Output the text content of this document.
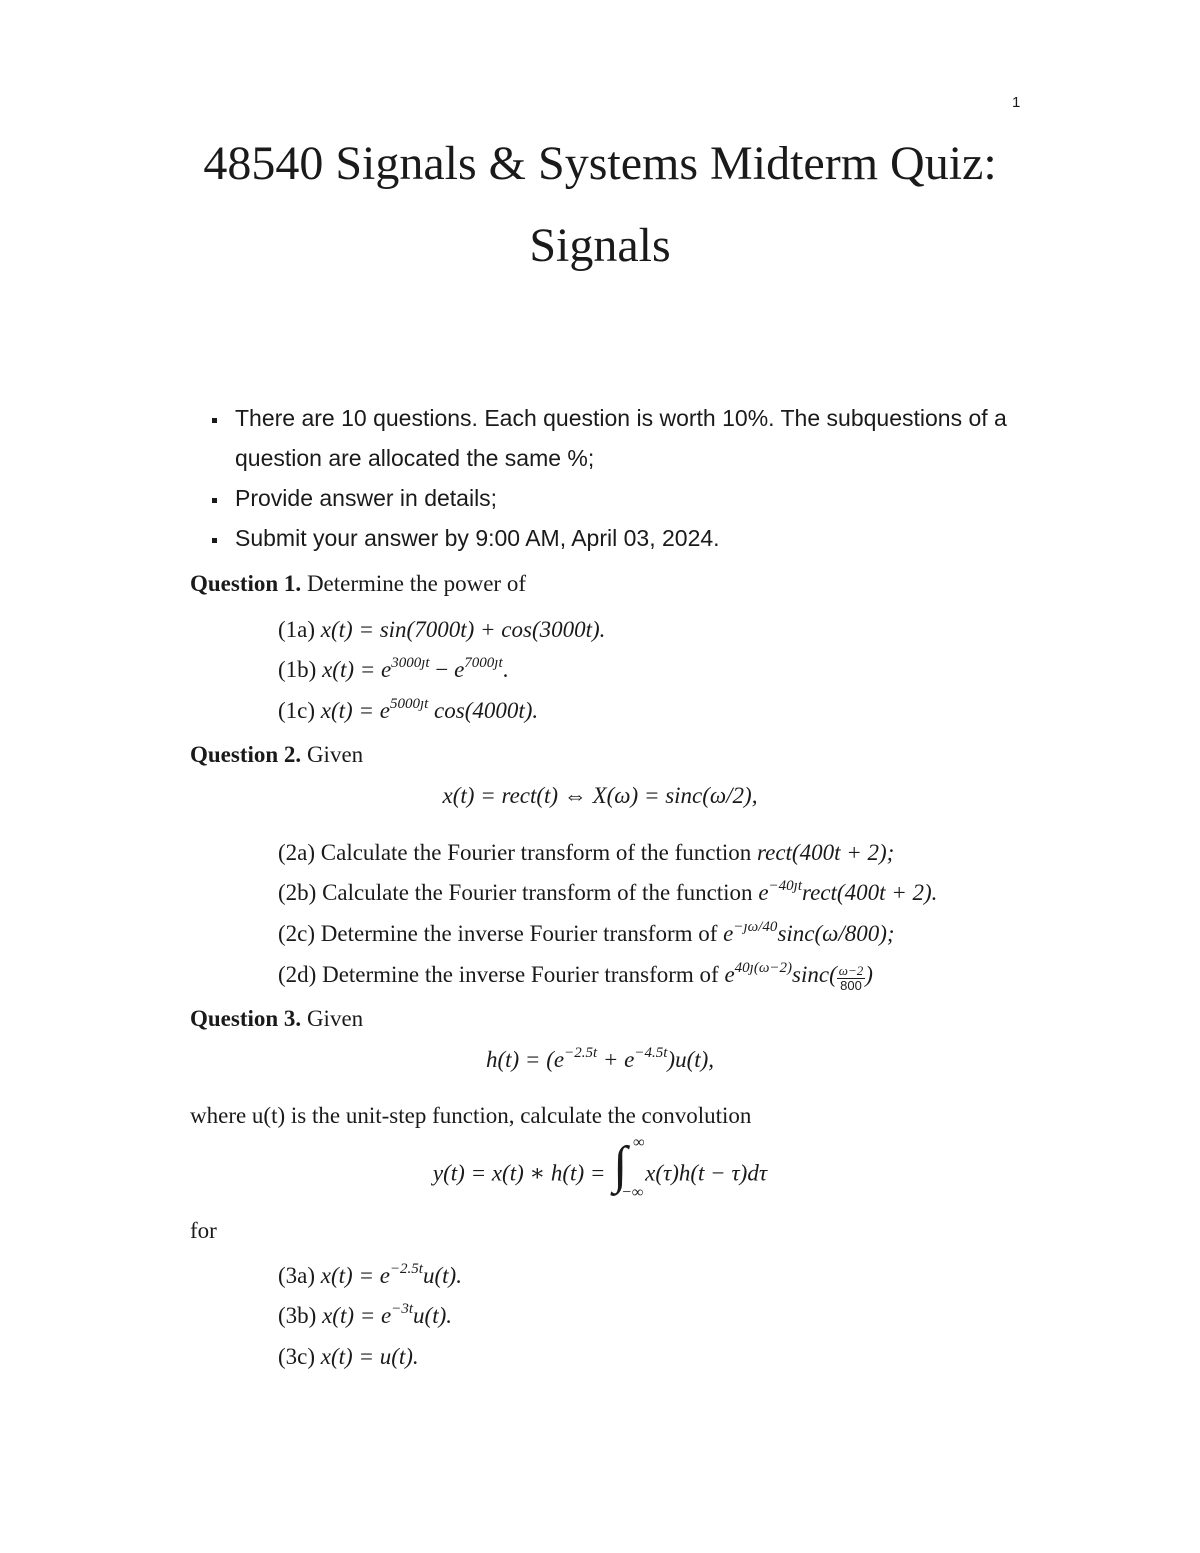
1
48540 Signals & Systems Midterm Quiz:
Signals
There are 10 questions. Each question is worth 10%. The subquestions of a question are allocated the same %;
Provide answer in details;
Submit your answer by 9:00 AM, April 03, 2024.
Question 1. Determine the power of
(1a) x(t) = sin(7000t) + cos(3000t).
(1b) $x(t) = e^{3000ȷt} - e^{7000ȷt}$.
(1c) $x(t) = e^{5000ȷt}$ cos(4000t).
Question 2. Given
x(t) = rect(t) ⇔ X(ω) = sinc(ω/2),
(2a) Calculate the Fourier transform of the function rect(400t + 2);
(2b) Calculate the Fourier transform of the function $e^{-40ȷt}rect(400t + 2)$.
(2c) Determine the inverse Fourier transform of $e^{-ȷ\omega/40}\sin c(\omega/800)$;
(2d) Determine the inverse Fourier transform of $e^{40ȷ(\omega-2)}\sin c( \frac{\omega-2}{800}$ )
Question 3. Given
$h(t) = (e^{-2.5t} + e^{-4.5t})u(t)$,
where u(t) is the unit-step function, calculate the convolution
y(t) = x(t) ∗ h(t) = ∫ ∞
−∞
x(τ)h(t − τ)dτ
for
(3a) $x(t) = e^{-2.5t}u(t)$.
(3b) $x(t) = e^{-3t}u(t)$.
(3c) x(t) = u(t).
